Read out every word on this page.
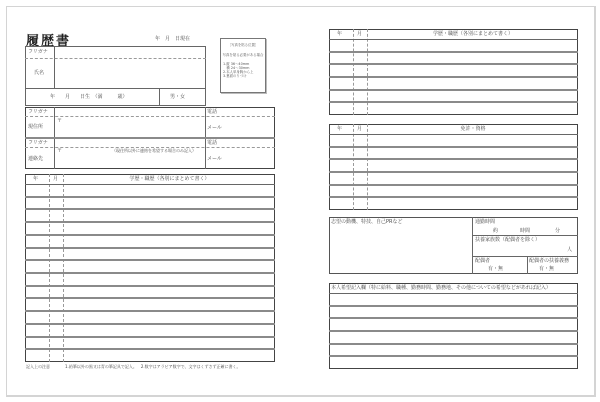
履歴書	年　月　日現在
［写真を貼る位置］
写真を貼る必要がある場合
1.縦 36〜40mm
　横 24〜30mm
2.本人単身胸から上
3.裏面のりづけ
フリガナ
氏名
年　　月　　日生　（満　　　歳）	男・女
フリガナ
現住所
〒
電話
メール
フリガナ
連絡先
〒	（現住所以外に連絡を希望する場合のみ記入）
電話
メール
年	月	学歴・職歴（各別にまとめて書く）
記入上の注意	1.鉛筆以外の黒又は青の筆記具で記入。　2.数字はアラビア数字で、文字はくずさず正確に書く。
年	月	学歴・職歴（各別にまとめて書く）
年	月	免許・資格
志望の動機、特技、自己PRなど	通勤時間
約	時間	分
扶養家族数（配偶者を除く）
人
配偶者
有・無
配偶者の扶養義務
有・無
本人希望記入欄（特に給料、職種、勤務時間、勤務地、その他についての希望などがあれば記入）
